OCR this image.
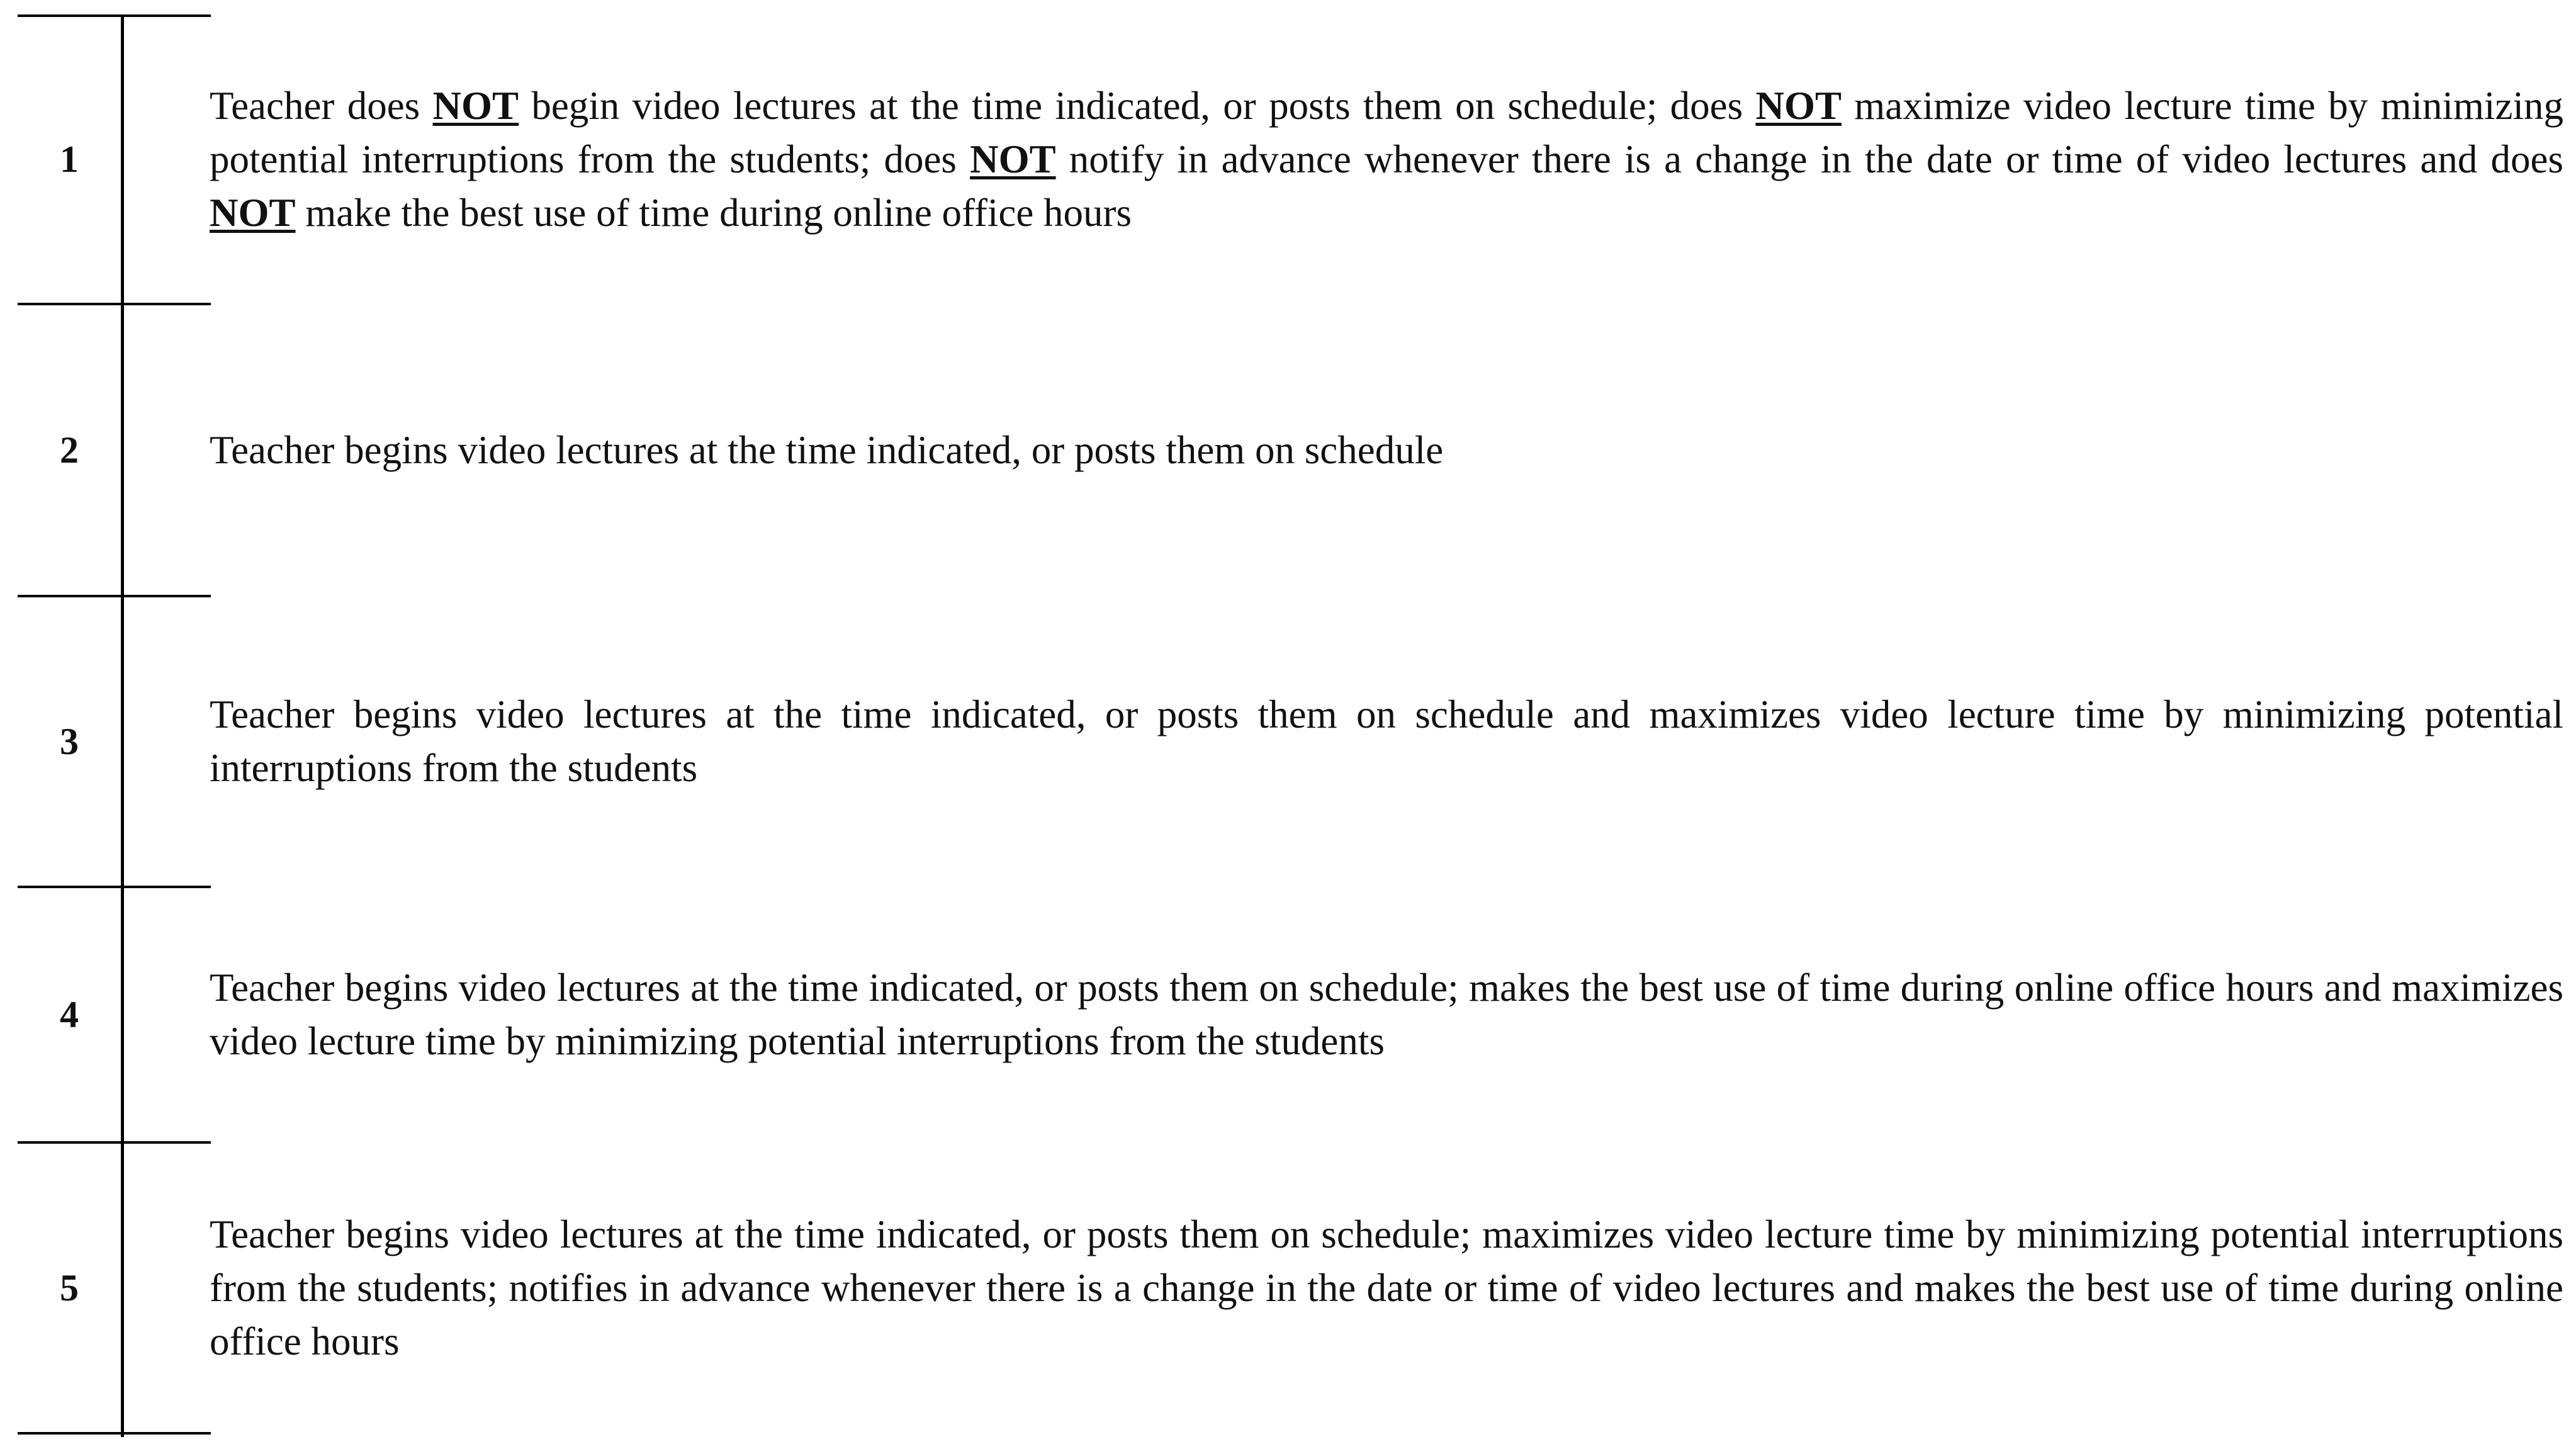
1

Teacher does NOT begin video lectures at the time indicated, or posts them on schedule; does NOT maximize video lecture time by minimizing potential interruptions from the students; does NOT notify in advance whenever there is a change in the date or time of video lectures and does NOT make the best use of time during online office hours

2	Teacher begins video lectures at the time indicated, or posts them on schedule

3

Teacher begins video lectures at the time indicated, or posts them on schedule and maximizes video lecture time by minimizing potential interruptions from the students

4

Teacher begins video lectures at the time indicated, or posts them on schedule; makes the best use of time during online office hours and maximizes video lecture time by minimizing potential interruptions from the students

5

Teacher begins video lectures at the time indicated, or posts them on schedule; maximizes video lecture time by minimizing potential interruptions from the students; notifies in advance whenever there is a change in the date or time of video lectures and makes the best use of time during online office hours
